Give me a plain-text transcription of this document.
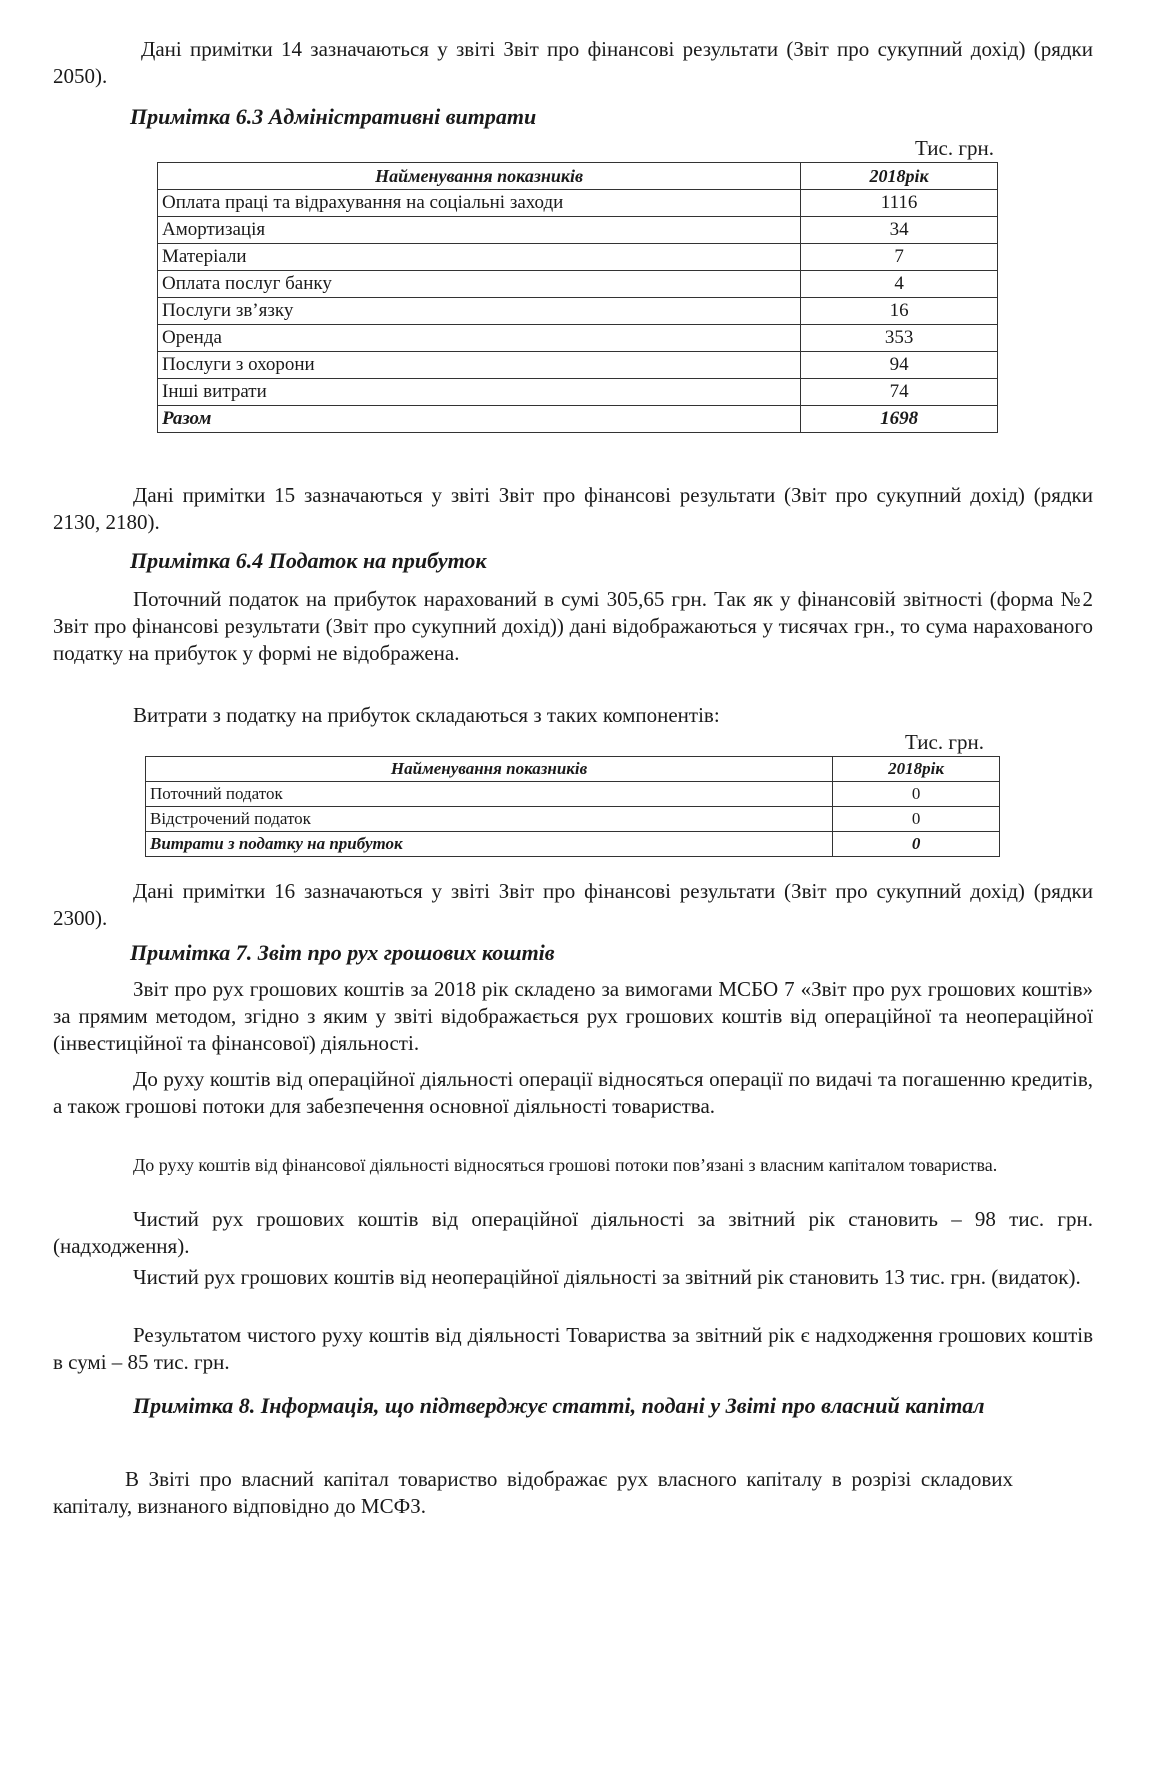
Дані примітки 14 зазначаються у звіті Звіт про фінансові результати (Звіт про сукупний дохід) (рядки 2050).

Примітка 6.3 Адміністративні витрати

Тис. грн.

Найменування показників	2018рік
Оплата праці та відрахування на соціальні заходи	1116
Амортизація	34
Матеріали	7
Оплата послуг банку	4
Послуги зв’язку	16
Оренда	353
Послуги з охорони	94
Інші витрати	74
Разом	1698

Дані примітки 15 зазначаються у звіті Звіт про фінансові результати (Звіт про сукупний дохід) (рядки 2130, 2180).

Примітка 6.4 Податок на прибуток

Поточний податок на прибуток нарахований в сумі 305,65 грн. Так як у фінансовій звітності (форма №2 Звіт про фінансові результати (Звіт про сукупний дохід)) дані відображаються у тисячах грн., то сума нарахованого податку на прибуток у формі не відображена.

Витрати з податку на прибуток складаються з таких компонентів:

Тис. грн.

Найменування показників	2018рік
Поточний податок	0
Відстрочений податок	0
Витрати з податку на прибуток	0

Дані примітки 16 зазначаються у звіті Звіт про фінансові результати (Звіт про сукупний дохід) (рядки 2300).

Примітка 7. Звіт про рух грошових коштів

Звіт про рух грошових коштів за 2018 рік складено за вимогами МСБО 7 «Звіт про рух грошових коштів» за прямим методом, згідно з яким у звіті відображається рух грошових коштів від операційної та неопераційної (інвестиційної та фінансової) діяльності.

До руху коштів від операційної діяльності операції відносяться операції по видачі та погашенню кредитів, а також грошові потоки для забезпечення основної діяльності товариства.

До руху коштів від фінансової діяльності відносяться грошові потоки пов’язані з власним капіталом товариства.

Чистий рух грошових коштів від операційної діяльності за звітний рік становить – 98 тис. грн. (надходження).

Чистий рух грошових коштів від неопераційної діяльності за звітний рік становить 13 тис. грн. (видаток).

Результатом чистого руху коштів від діяльності Товариства за звітний рік є надходження грошових коштів в сумі – 85 тис. грн.

Примітка 8. Інформація, що підтверджує статті, подані у Звіті про власний капітал

В Звіті про власний капітал товариство відображає рух власного капіталу в розрізі складових капіталу, визнаного відповідно до МСФЗ.
